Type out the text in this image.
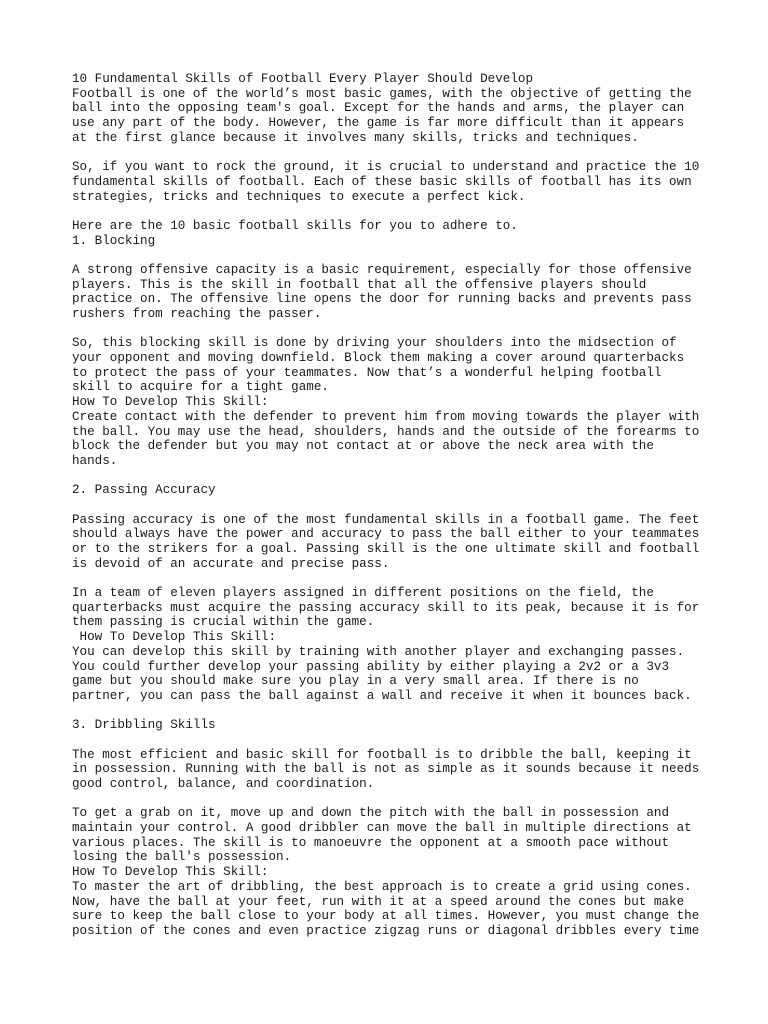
10 Fundamental Skills of Football Every Player Should Develop
Football is one of the world’s most basic games, with the objective of getting the
ball into the opposing team's goal. Except for the hands and arms, the player can
use any part of the body. However, the game is far more difficult than it appears
at the first glance because it involves many skills, tricks and techniques.
So, if you want to rock the ground, it is crucial to understand and practice the 10
fundamental skills of football. Each of these basic skills of football has its own
strategies, tricks and techniques to execute a perfect kick.
Here are the 10 basic football skills for you to adhere to.
1. Blocking
A strong offensive capacity is a basic requirement, especially for those offensive
players. This is the skill in football that all the offensive players should
practice on. The offensive line opens the door for running backs and prevents pass
rushers from reaching the passer.
So, this blocking skill is done by driving your shoulders into the midsection of
your opponent and moving downfield. Block them making a cover around quarterbacks
to protect the pass of your teammates. Now that’s a wonderful helping football
skill to acquire for a tight game.
How To Develop This Skill:
Create contact with the defender to prevent him from moving towards the player with
the ball. You may use the head, shoulders, hands and the outside of the forearms to
block the defender but you may not contact at or above the neck area with the
hands.
2. Passing Accuracy
Passing accuracy is one of the most fundamental skills in a football game. The feet
should always have the power and accuracy to pass the ball either to your teammates
or to the strikers for a goal. Passing skill is the one ultimate skill and football
is devoid of an accurate and precise pass.
In a team of eleven players assigned in different positions on the field, the
quarterbacks must acquire the passing accuracy skill to its peak, because it is for
them passing is crucial within the game.
How To Develop This Skill:
You can develop this skill by training with another player and exchanging passes.
You could further develop your passing ability by either playing a 2v2 or a 3v3
game but you should make sure you play in a very small area. If there is no
partner, you can pass the ball against a wall and receive it when it bounces back.
3. Dribbling Skills
The most efficient and basic skill for football is to dribble the ball, keeping it
in possession. Running with the ball is not as simple as it sounds because it needs
good control, balance, and coordination.
To get a grab on it, move up and down the pitch with the ball in possession and
maintain your control. A good dribbler can move the ball in multiple directions at
various places. The skill is to manoeuvre the opponent at a smooth pace without
losing the ball's possession.
How To Develop This Skill:
To master the art of dribbling, the best approach is to create a grid using cones.
Now, have the ball at your feet, run with it at a speed around the cones but make
sure to keep the ball close to your body at all times. However, you must change the
position of the cones and even practice zigzag runs or diagonal dribbles every time
